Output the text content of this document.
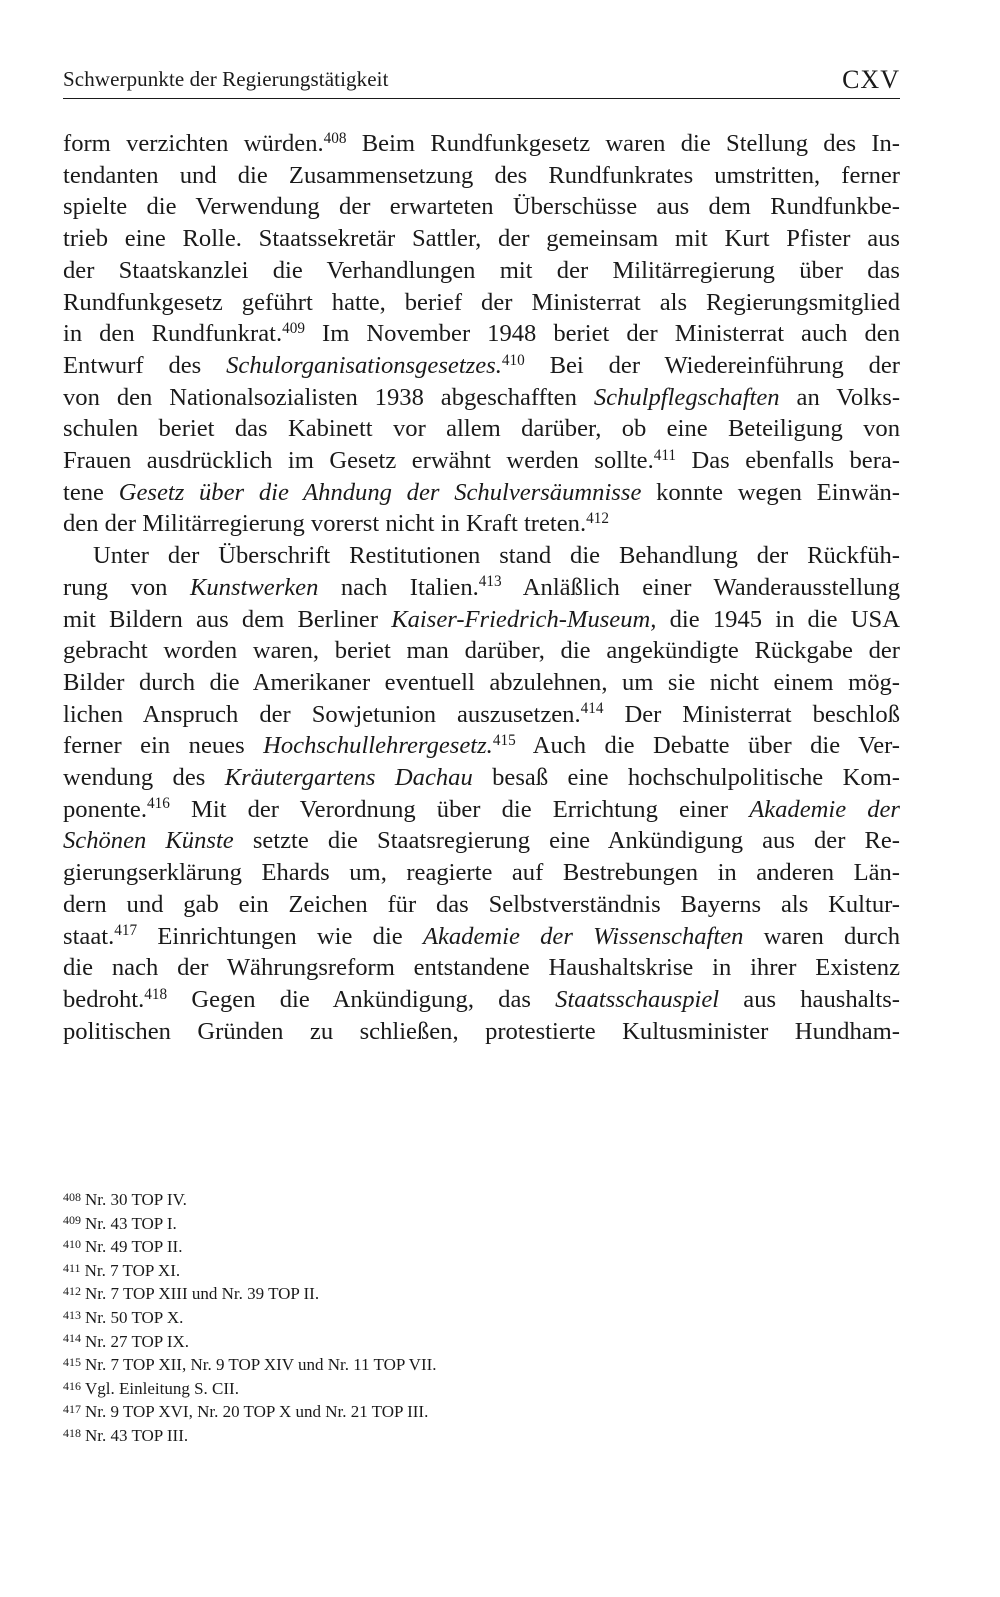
Schwerpunkte der Regierungstätigkeit	CXV
form verzichten würden.$^{408}$ Beim Rundfunkgesetz waren die Stellung des In-
tendanten und die Zusammensetzung des Rundfunkrates umstritten, ferner
spielte die Verwendung der erwarteten Überschüsse aus dem Rundfunkbe-
trieb eine Rolle. Staatssekretär Sattler, der gemeinsam mit Kurt Pfister aus
der Staatskanzlei die Verhandlungen mit der Militärregierung über das
Rundfunkgesetz geführt hatte, berief der Ministerrat als Regierungsmitglied
in den Rundfunkrat.$^{409}$ Im November 1948 beriet der Ministerrat auch den
Entwurf des Schulorganisationsgesetzes.$^{410}$ Bei der Wiedereinführung der
von den Nationalsozialisten 1938 abgeschafften Schulpflegschaften an Volks-
schulen beriet das Kabinett vor allem darüber, ob eine Beteiligung von
Frauen ausdrücklich im Gesetz erwähnt werden sollte.$^{411}$ Das ebenfalls bera-
tene Gesetz über die Ahndung der Schulversäumnisse konnte wegen Einwän-
den der Militärregierung vorerst nicht in Kraft treten.$^{412}$
Unter der Überschrift Restitutionen stand die Behandlung der Rückfüh-
rung von Kunstwerken nach Italien.$^{413}$ Anläßlich einer Wanderausstellung
mit Bildern aus dem Berliner Kaiser-Friedrich-Museum, die 1945 in die USA
gebracht worden waren, beriet man darüber, die angekündigte Rückgabe der
Bilder durch die Amerikaner eventuell abzulehnen, um sie nicht einem mög-
lichen Anspruch der Sowjetunion auszusetzen.$^{414}$ Der Ministerrat beschloß
ferner ein neues Hochschullehrergesetz.$^{415}$ Auch die Debatte über die Ver-
wendung des Kräutergartens Dachau besaß eine hochschulpolitische Kom-
ponente.$^{416}$ Mit der Verordnung über die Errichtung einer Akademie der
Schönen Künste setzte die Staatsregierung eine Ankündigung aus der Re-
gierungserklärung Ehards um, reagierte auf Bestrebungen in anderen Län-
dern und gab ein Zeichen für das Selbstverständnis Bayerns als Kultur-
staat.$^{417}$ Einrichtungen wie die Akademie der Wissenschaften waren durch
die nach der Währungsreform entstandene Haushaltskrise in ihrer Existenz
bedroht.$^{418}$ Gegen die Ankündigung, das Staatsschauspiel aus haushalts-
politischen Gründen zu schließen, protestierte Kultusminister Hundham-
$^{408}$ Nr. 30 TOP IV.
$^{409}$ Nr. 43 TOP I.
$^{410}$ Nr. 49 TOP II.
$^{411}$ Nr. 7 TOP XI.
$^{412}$ Nr. 7 TOP XIII und Nr. 39 TOP II.
$^{413}$ Nr. 50 TOP X.
$^{414}$ Nr. 27 TOP IX.
$^{415}$ Nr. 7 TOP XII, Nr. 9 TOP XIV und Nr. 11 TOP VII.
$^{416}$ Vgl. Einleitung S. CII.
$^{417}$ Nr. 9 TOP XVI, Nr. 20 TOP X und Nr. 21 TOP III.
$^{418}$ Nr. 43 TOP III.
